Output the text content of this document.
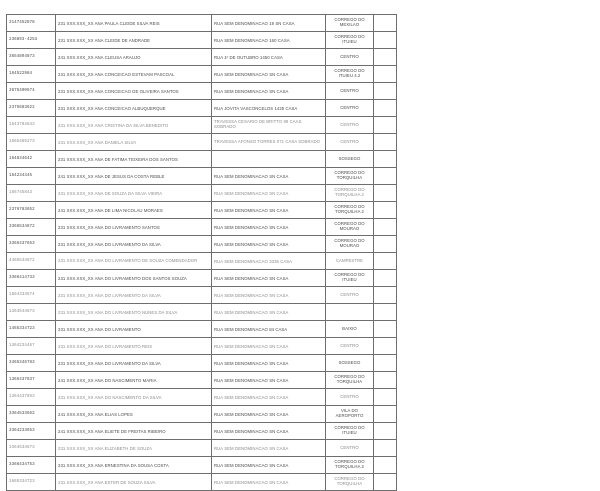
3147452878	231 XXX.XXX_XX ANA PAULA CLEIDE SILVA REIS	RUA SEM DENOMINACAO 19 SN CASA	CORREGO DO MEXILAO	
236893-4253	231 XXX.XXX_XX ANA CLEIDE DE ANDRADE	RUA SEM DENOMINACAO 160 CASA	CORREGO DO ITUIEU	
3654894873	241 XXX.XXX_XX ANA CLEUSA ARAUJO	RUA 1º DE OUTUBRO 1450 CASA	CENTRO	
164522984	231 XXX.XXX_XX ANA CONCEICAO ESTEVAM PASCOAL	RUA SEM DENOMINACAO SN CASA	CORREGO DO ITUIEU 4.2	
3675490674	231 XXX.XXX_XX ANA CONCEICAO DE OLIVEIRA SANTOS	RUA SEM DENOMINACAO SN CASA	CENTRO	
2375683622	231 XXX.XXX_XX ANA CONCEICAO ALBUQUERQUE	RUA JOVITA VASCONCELOS 1425 CASA	CENTRO	
1643784643	231 XXX.XXX_XX ANA CRISTINA DA SILVA BENEDITO	TRAVESSA CESARIO DE BRITTO 98 CAAS SOBRADO	CENTRO	
1665485273	231 XXX.XXX_XX ANA DANIELA SILVA	TRAVESSA AFONSO TORRES 071 CASA SOBRADO	CENTRO	
164834642	231 XXX.XXX_XX ANA DE FATIMA TEIXEIRA DOS SANTOS		SOSSEGO	
164234445	241 XXX.XXX_XX ANA DE JESUS DA COSTA REBLE	RUA SEM DENOMINACAO SN CASA	CORREGO DO TORQUILHA	
166745843	231 XXX.XXX_XX ANA DE SOUZA DA SILVA VIEIRA	RUA SEM DENOMINACAO SN CASA	CORREGO DO TORQUILHA 2	
2376783652	241 XXX.XXX_XX ANA DE LIMA NICOLAU MORAES	RUA SEM DENOMINACAO SN CASA	CORREGO DO TORQUILHA 2	
3366534872	231 XXX.XXX_XX ANA DO LIVRAMENTO SANTOS	RUA SEM DENOMINACAO SN CASA	CORREGO DO MOURAO	
3365437653	231 XXX.XXX_XX ANA DO LIVRAMENTO DA SILVA	RUA SEM DENOMINACAO SN CASA	CORREGO DO MOURAO	
4466534872	231 XXX.XXX_XX ANA DO LIVRAMENTO DE SOUZA COMENDADOR	RUA SEM DENOMINACAO 3335 CASA	CAMPESTRE	
3366414733	231 XXX.XXX_XX ANA DO LIVRAMENTO DOS SANTOS SOUZA	RUA SEM DENOMINACAO SN CASA	CORREGO DO ITUIEU	
1664334574	231 XXX.XXX_XX ANA DO LIVRAMENTO DA SILVA	RUA SEM DENOMINACAO SN CASA	CENTRO	
1364544673	231 XXX.XXX_XX ANA DO LIVRAMENTO NUNES DA SILVA	RUA SEM DENOMINACAO SN CASA		
1465334723	231 XXX.XXX_XX ANA DO LIVRAMENTO	RUA SEM DENOMINACAO 84 CASA	BAIXIO	
1364234467	231 XXX.XXX_XX ANA DO LIVRAMENTO REIS	RUA SEM DENOMINACAO SN CASA	CENTRO	
3465346783	231 XXX.XXX_XX ANA DO LIVRAMENTO DA SILVA	RUA SEM DENOMINACAO SN CASA	SOSSEGO	
1365437837	241 XXX.XXX_XX ANA DO NASCIMENTO MARIA	RUA SEM DENOMINACAO SN CASA	CORREGO DO TORQUILHA	
1364437853	231 XXX.XXX_XX ANA DO NASCIMENTO DA SILVA	RUA SEM DENOMINACAO SN CASA	CENTRO	
3364533652	241 XXX.XXX_XX ANA ELIAS LOPES	RUA SEM DENOMINACAO SN CASA	VILA DO AEROPORTO	
3364233653	241 XXX.XXX_XX ANA ELIETE DE FREITAS RIBEIRO	RUA SEM DENOMINACAO SN CASA	CORREGO DO ITUIEU	
3364534673	231 XXX.XXX_XX ANA ELIZABETH DE SOUZA	RUA SEM DENOMINACAO SN CASA	CENTRO	
3366434753	231 XXX.XXX_XX ANA ERNESTINA DA SOUSA COSTA	RUA SEM DENOMINACAO SN CASA	CORREGO DO TORQUILHA 2	
1665334723	231 XXX.XXX_XX ANA ESTER DE SOUZA SILVA	RUA SEM DENOMINACAO SN CASA	CORREGO DO TORQUILHA	
